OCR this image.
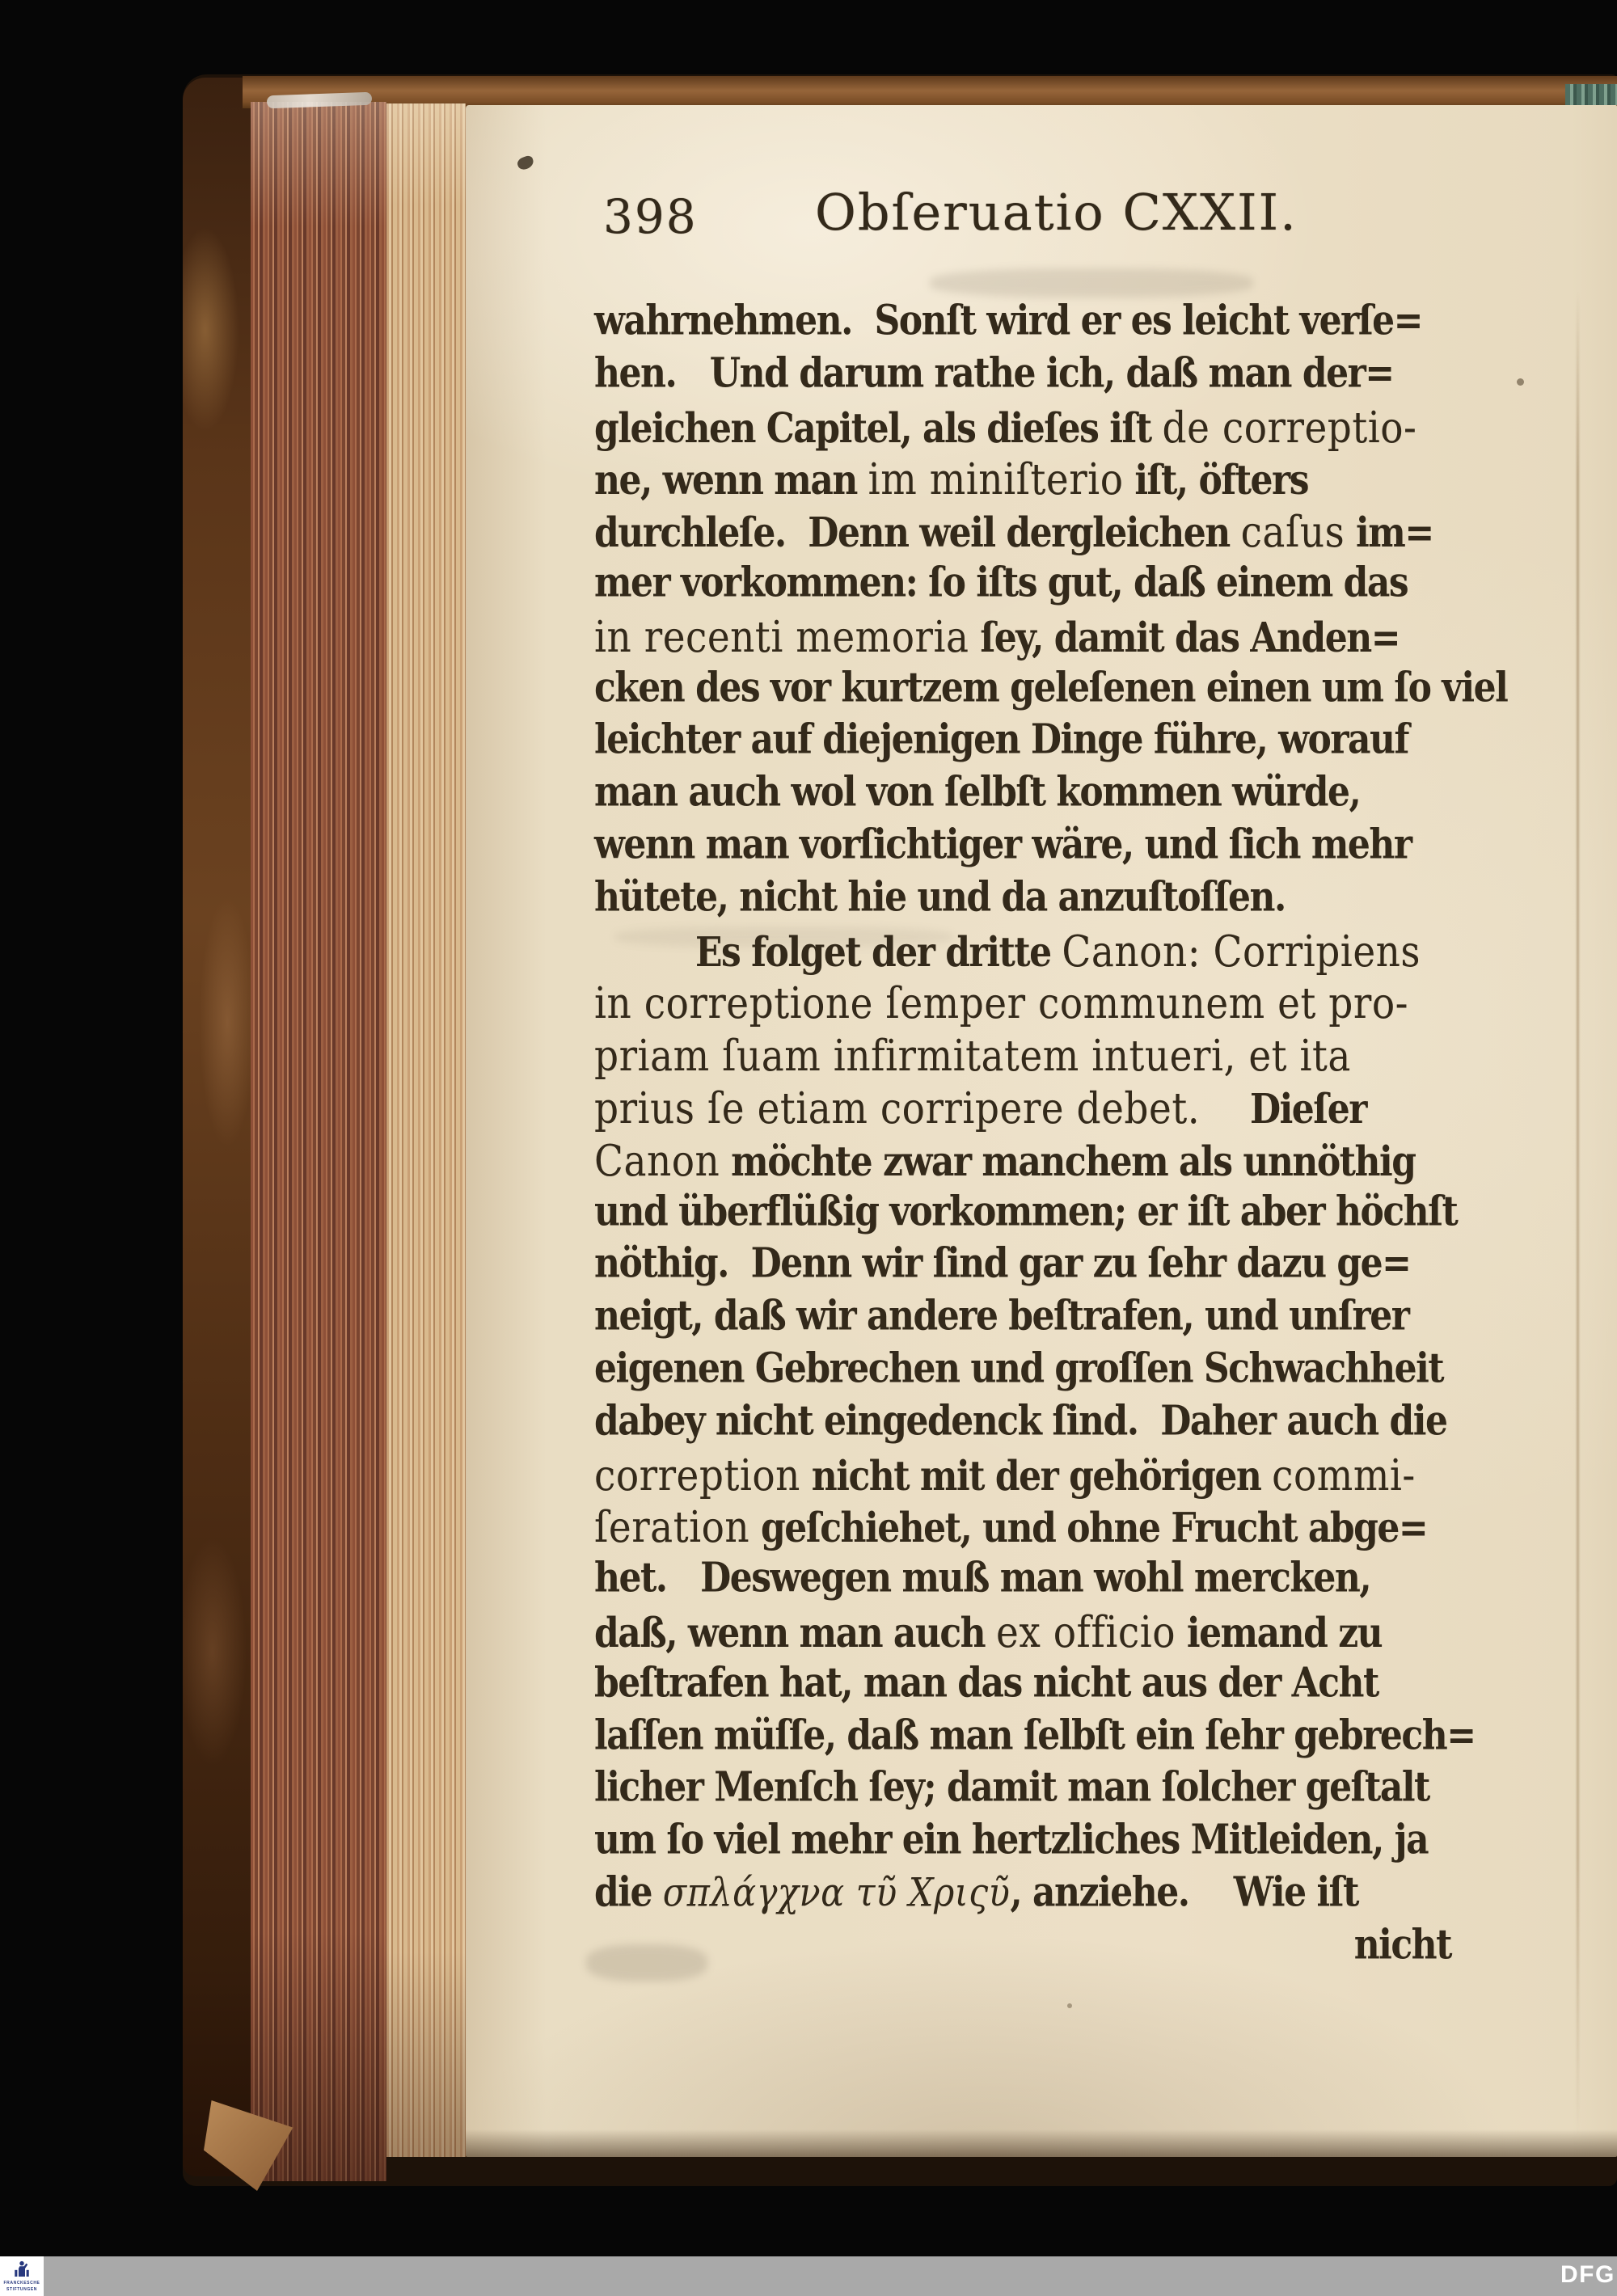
398 Obſeruatio CXXII.
wahrnehmen.  Sonſt wird er es leicht verſe=
hen.   Und darum rathe ich, daß man der=
gleichen Capitel, als dieſes iſt de correptio-
ne, wenn man im miniſterio iſt, öfters
durchleſe.  Denn weil dergleichen caſus im=
mer vorkommen: ſo iſts gut, daß einem das
in recenti memoria ſey, damit das Anden=
cken des vor kurtzem geleſenen einen um ſo viel
leichter auf diejenigen Dinge führe, worauf
man auch wol von ſelbſt kommen würde,
wenn man vorſichtiger wäre, und ſich mehr
hütete, nicht hie und da anzuſtoſſen.
Es folget der dritte Canon: Corripiens
in correptione ſemper communem et pro-
priam ſuam infirmitatem intueri, et ita
prius ſe etiam corripere debet.    Dieſer
Canon möchte zwar manchem als unnöthig
und überflüßig vorkommen; er iſt aber höchſt
nöthig.  Denn wir ſind gar zu ſehr dazu ge=
neigt, daß wir andere beſtrafen, und unſrer
eigenen Gebrechen und groſſen Schwachheit
dabey nicht eingedenck ſind.  Daher auch die
correption nicht mit der gehörigen commi-
ſeration geſchiehet, und ohne Frucht abge=
het.   Deswegen muß man wohl mercken,
daß, wenn man auch ex officio iemand zu
beſtrafen hat, man das nicht aus der Acht
laſſen müſſe, daß man ſelbſt ein ſehr gebrech=
licher Menſch ſey; damit man ſolcher geſtalt
um ſo viel mehr ein hertzliches Mitleiden, ja
die σπλάγχνα τῦ Χριςῦ, anziehe.    Wie iſt
nicht
FRANCKESCHE
STIFTUNGEN
DFG
